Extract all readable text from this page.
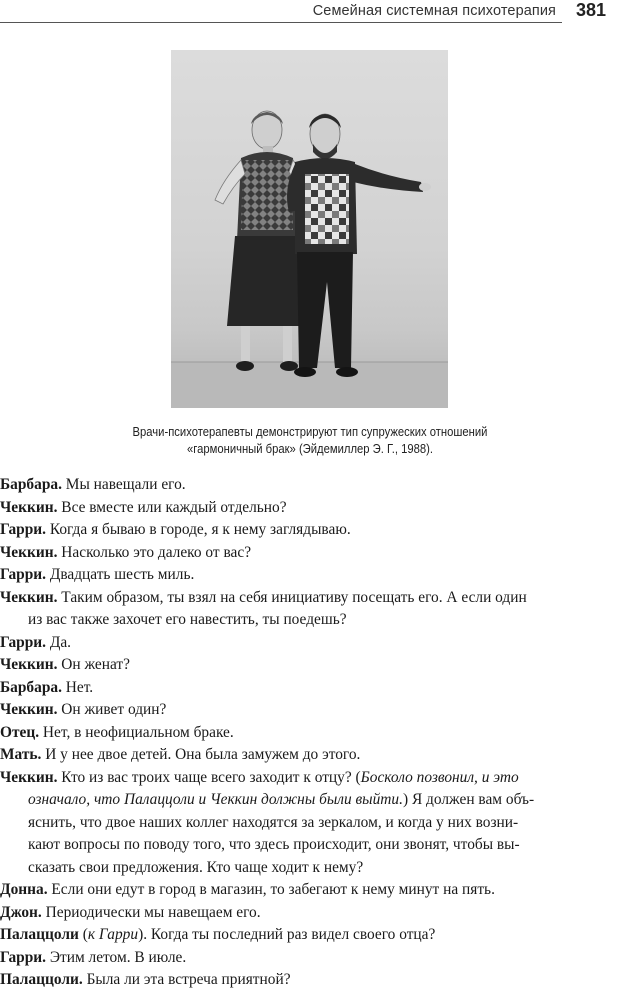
Семейная системная психотерапия 381
Врачи-психотерапевты демонстрируют тип супружеских отношений
«гармоничный брак» (Эйдемиллер Э. Г., 1988).

Барбара. Мы навещали его.

Чеккин. Все вместе или каждый отдельно?

Гарри. Когда я бываю в городе, я к нему заглядываю.

Чеккин. Насколько это далеко от вас?

Гарри. Двадцать шесть миль.

Чеккин. Таким образом, ты взял на себя инициативу посещать его. А если один
из вас также захочет его навестить, ты поедешь?

Гарри. Да.

Чеккин. Он женат?

Барбара. Нет.

Чеккин. Он живет один?

Отец. Нет, в неофициальном браке.

Мать. И у нее двое детей. Она была замужем до этого.

Чеккин. Кто из вас троих чаще всего заходит к отцу? (Босколо позвонил, и это
означало, что Палаццоли и Чеккин должны были выйти.) Я должен вам объ-
яснить, что двое наших коллег находятся за зеркалом, и когда у них возни-
кают вопросы по поводу того, что здесь происходит, они звонят, чтобы вы-
сказать свои предложения. Кто чаще ходит к нему?

Донна. Если они едут в город в магазин, то забегают к нему минут на пять.

Джон. Периодически мы навещаем его.

Палаццоли (к Гарри). Когда ты последний раз видел своего отца?

Гарри. Этим летом. В июле.

Палаццоли. Была ли эта встреча приятной?
